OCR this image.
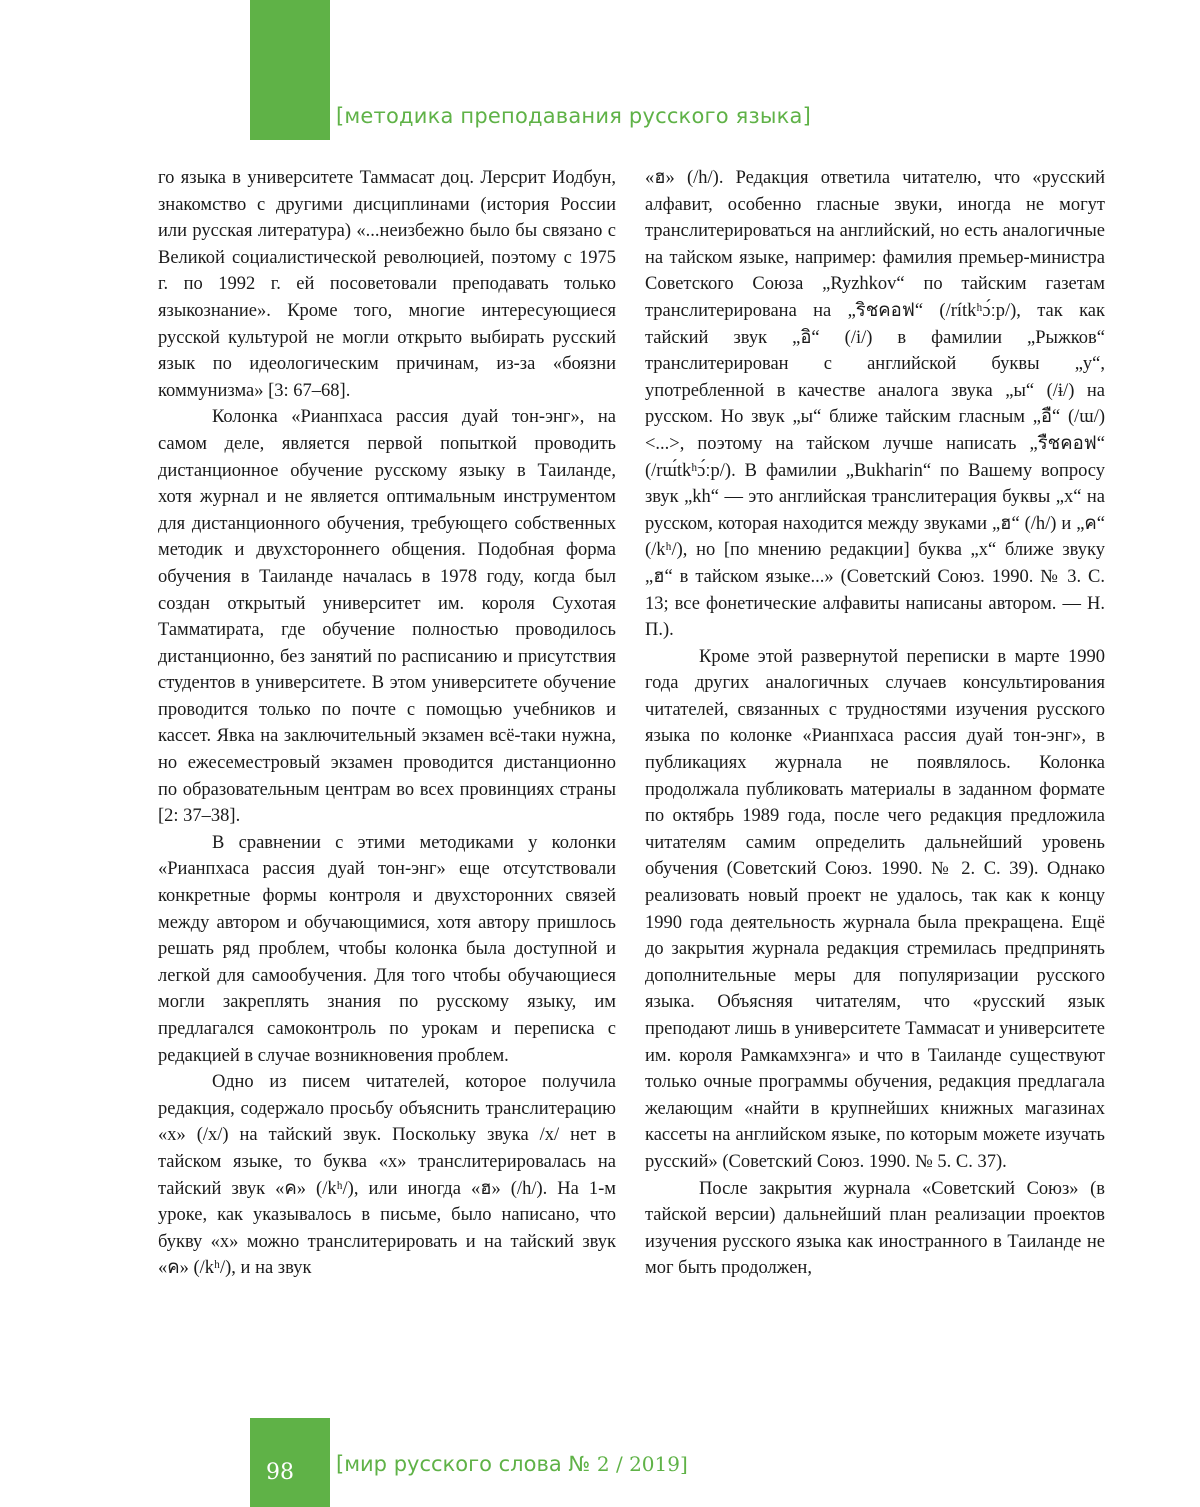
[методика преподавания русского языка]

го языка в университете Таммасат доц. Лерсрит Иодбун, знакомство с другими дисциплинами (история России или русская литература) «...неизбежно было бы связано с Великой социалистической революцией, поэтому с 1975 г. по 1992 г. ей посоветовали преподавать только языкознание». Кроме того, многие интересующиеся русской культурой не могли открыто выбирать русский язык по идеологическим причинам, из-за «боязни коммунизма» [3: 67–68].

Колонка «Рианпхаса рассия дуай тон-энг», на самом деле, является первой попыткой проводить дистанционное обучение русскому языку в Таиланде, хотя журнал и не является оптимальным инструментом для дистанционного обучения, требующего собственных методик и двухстороннего общения. Подобная форма обучения в Таиланде началась в 1978 году, когда был создан открытый университет им. короля Сухотая Тамматирата, где обучение полностью проводилось дистанционно, без занятий по расписанию и присутствия студентов в университете. В этом университете обучение проводится только по почте с помощью учебников и кассет. Явка на заключительный экзамен всё-таки нужна, но ежесеместровый экзамен проводится дистанционно по образовательным центрам во всех провинциях страны [2: 37–38].

В сравнении с этими методиками у колонки «Рианпхаса рассия дуай тон-энг» еще отсутствовали конкретные формы контроля и двухсторонних связей между автором и обучающимися, хотя автору пришлось решать ряд проблем, чтобы колонка была доступной и легкой для самообучения. Для того чтобы обучающиеся могли закреплять знания по русскому языку, им предлагался самоконтроль по урокам и переписка с редакцией в случае возникновения проблем.

Одно из писем читателей, которое получила редакция, содержало просьбу объяснить транслитерацию «х» (/x/) на тайский звук. Поскольку звука /x/ нет в тайском языке, то буква «х» транслитерировалась на тайский звук «ค» (/kʰ/), или иногда «ฮ» (/h/). На 1-м уроке, как указывалось в письме, было написано, что букву «х» можно транслитерировать и на тайский звук «ค» (/kʰ/), и на звук

«ฮ» (/h/). Редакция ответила читателю, что «русский алфавит, особенно гласные звуки, иногда не могут транслитерироваться на английский, но есть аналогичные на тайском языке, например: фамилия премьер-министра Советского Союза „Ryzhkov“ по тайским газетам транслитерирована на „ริชคอฟ“ (/rítkʰɔ́ːp/), так как тайский звук „อิ“ (/i/) в фамилии „Рыжков“ транслитерирован с английской буквы „y“, употребленной в качестве аналога звука „ы“ (/ɨ/) на русском. Но звук „ы“ ближе тайским гласным „อื“ (/ɯ/) <...>, поэтому на тайском лучше написать „รืชคอฟ“ (/rɯ́tkʰɔ́ːp/). В фамилии „Bukharin“ по Вашему вопросу звук „kh“ — это английская транслитерация буквы „х“ на русском, которая находится между звуками „ฮ“ (/h/) и „ค“ (/kʰ/), но [по мнению редакции] буква „х“ ближе звуку „ฮ“ в тайском языке...» (Советский Союз. 1990. № 3. С. 13; все фонетические алфавиты написаны автором. — Н. П.).

Кроме этой развернутой переписки в марте 1990 года других аналогичных случаев консультирования читателей, связанных с трудностями изучения русского языка по колонке «Рианпхаса рассия дуай тон-энг», в публикациях журнала не появлялось. Колонка продолжала публиковать материалы в заданном формате по октябрь 1989 года, после чего редакция предложила читателям самим определить дальнейший уровень обучения (Советский Союз. 1990. № 2. С. 39). Однако реализовать новый проект не удалось, так как к концу 1990 года деятельность журнала была прекращена. Ещё до закрытия журнала редакция стремилась предпринять дополнительные меры для популяризации русского языка. Объясняя читателям, что «русский язык преподают лишь в университете Таммасат и университете им. короля Рамкамхэнга» и что в Таиланде существуют только очные программы обучения, редакция предлагала желающим «найти в крупнейших книжных магазинах кассеты на английском языке, по которым можете изучать русский» (Советский Союз. 1990. № 5. С. 37).

После закрытия журнала «Советский Союз» (в тайской версии) дальнейший план реализации проектов изучения русского языка как иностранного в Таиланде не мог быть продолжен,

98	[мир русского слова № 2 / 2019]
